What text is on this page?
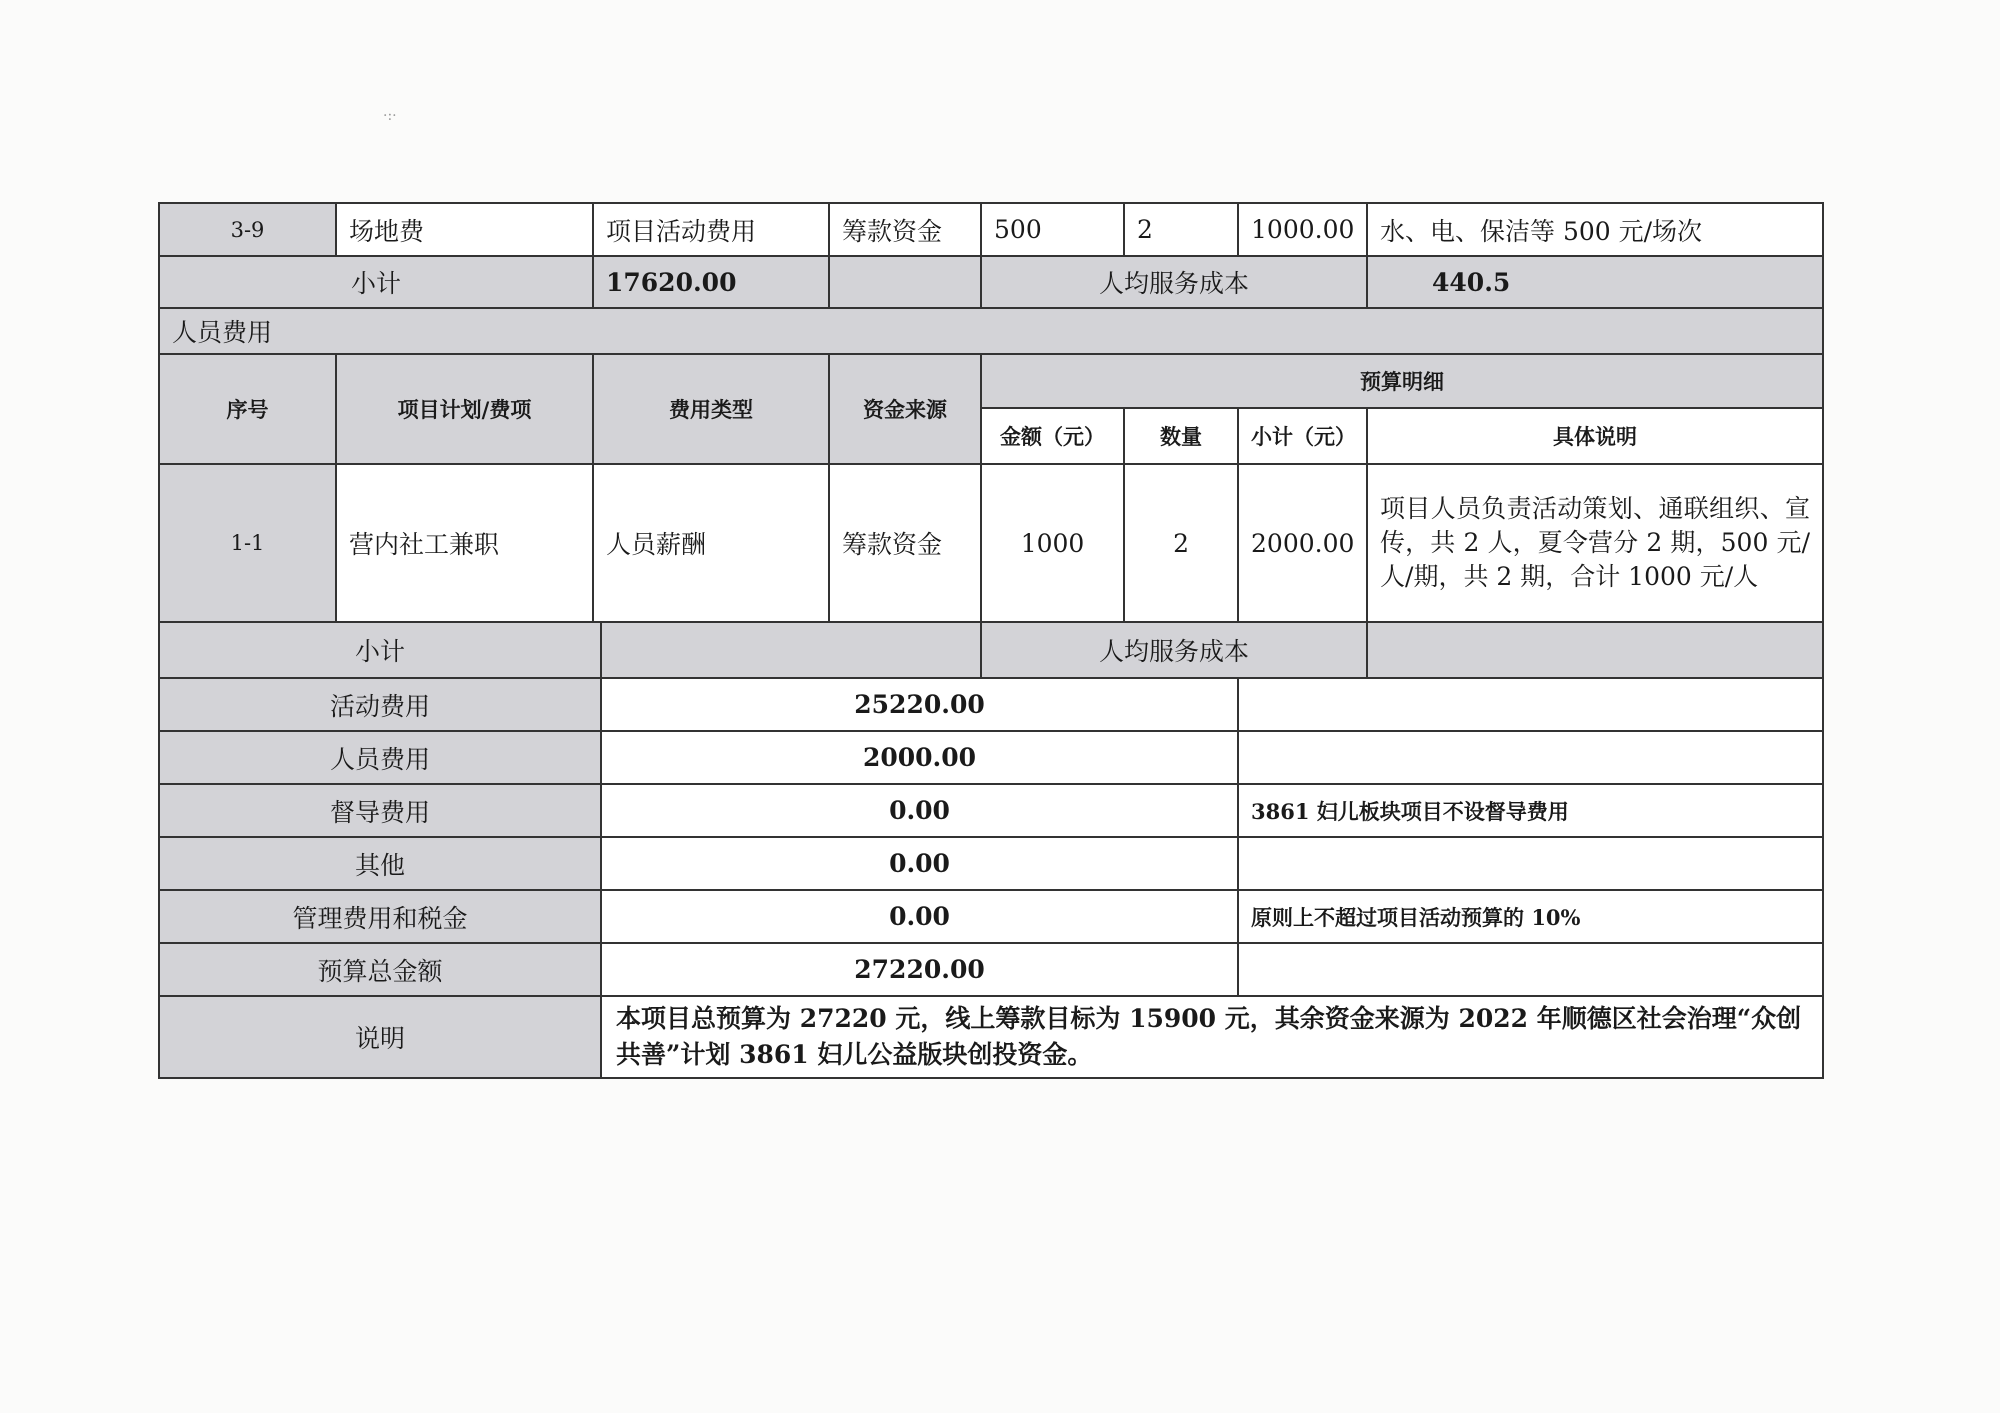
·:·
3-9	场地费	项目活动费用		筹款资金	500	2	1000.00	水、电、保洁等 500 元/场次
小计		17620.00			人均服务成本			440.5
人员费用								
序号	项目计划/费项	费用类型		资金来源	预算明细			
					金额（元）	数量	小计（元）	具体说明
1-1	营内社工兼职	人员薪酬		筹款资金	1000	2	2000.00	项目人员负责活动策划、通联组织、宣传，共 2 人，夏令营分 2 期，500 元/人/期，共 2 期，合计 1000 元/人
小计					人均服务成本			
活动费用			25220.00					
人员费用			2000.00					
督导费用			0.00				3861 妇儿板块项目不设督导费用	
其他			0.00					
管理费用和税金			0.00				原则上不超过项目活动预算的 10%	
预算总金额			27220.00					
说明			本项目总预算为 27220 元，线上筹款目标为 15900 元，其余资金来源为 2022 年顺德区社会治理“众创共善”计划 3861 妇儿公益版块创投资金。					
